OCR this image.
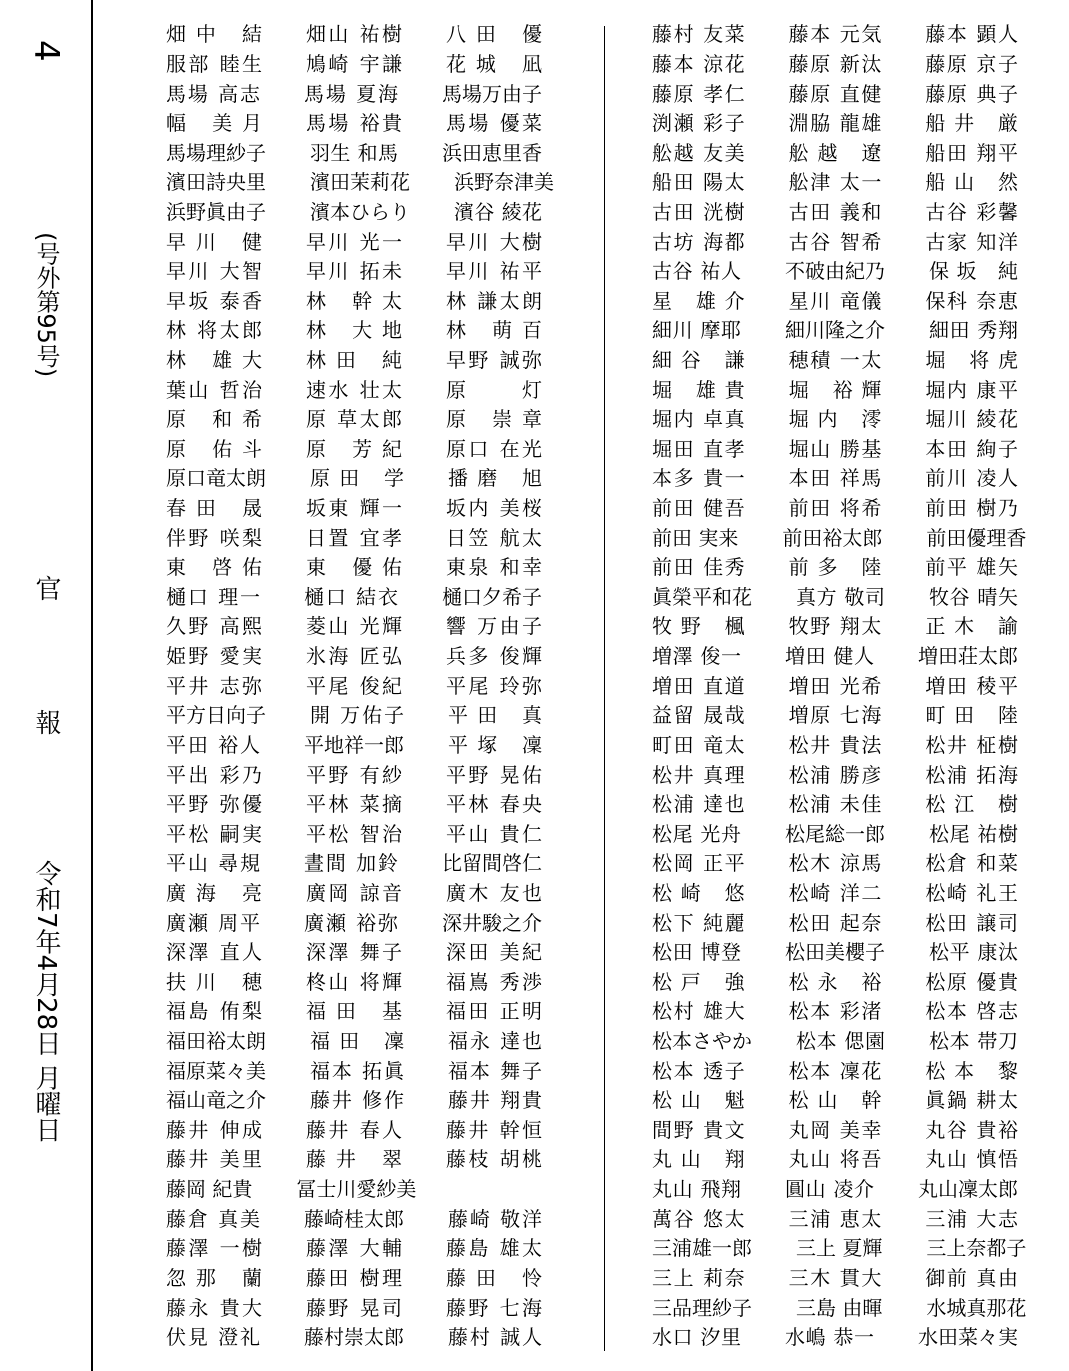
4
(号外第95号)
官 報
令和7年4月28日 月曜日
畑中 結	畑山 祐樹	八田 優
服部 睦生	鳩崎 宇謙	花城 凪
馬場 高志	馬場 夏海	馬場万由子
幅 美月	馬場 裕貴	馬場 優菜
馬場理紗子	羽生 和馬	浜田恵里香
濱田詩央里	濱田茉莉花	浜野奈津美
浜野眞由子	濱本ひらり	濱谷 綾花
早川 健	早川 光一	早川 大樹
早川 大智	早川 拓未	早川 祐平
早坂 泰香	林 幹太	林 謙太朗
林 将太郎	林 大地	林 萌百
林 雄大	林田 純	早野 誠弥
葉山 哲治	速水 壮太	原 灯
原 和希	原 草太郎	原 崇章
原 佑斗	原 芳紀	原口 在光
原口竜太朗	原田 学	播磨 旭
春田 晟	坂東 輝一	坂内 美桜
伴野 咲梨	日置 宜孝	日笠 航太
東 啓佑	東 優佑	東泉 和幸
樋口 理一	樋口 結衣	樋口夕希子
久野 高熙	菱山 光輝	響 万由子
姫野 愛実	氷海 匠弘	兵多 俊輝
平井 志弥	平尾 俊紀	平尾 玲弥
平方日向子	開 万佑子	平田 真
平田 裕人	平地祥一郎	平塚 凜
平出 彩乃	平野 有紗	平野 晃佑
平野 弥優	平林 菜摘	平林 春央
平松 嗣実	平松 智治	平山 貴仁
平山 尋規	晝間 加鈴	比留間啓仁
廣海 亮	廣岡 諒音	廣木 友也
廣瀬 周平	廣瀬 裕弥	深井駿之介
深澤 直人	深澤 舞子	深田 美紀
扶川 穂	柊山 将輝	福嶌 秀渉
福島 侑梨	福田 基	福田 正明
福田裕太朗	福田 凜	福永 達也
福原菜々美	福本 拓眞	福本 舞子
福山竜之介	藤井 修作	藤井 翔貴
藤井 伸成	藤井 春人	藤井 幹恒
藤井 美里	藤井 翠	藤枝 胡桃
藤岡 紀貴	冨士川愛紗美
藤倉 真美	藤崎桂太郎	藤崎 敬洋
藤澤 一樹	藤澤 大輔	藤島 雄太
忽那 蘭	藤田 樹理	藤田 怜
藤永 貴大	藤野 晃司	藤野 七海
伏見 澄礼	藤村崇太郎	藤村 誠人
藤村 友菜	藤本 元気	藤本 顕人
藤本 涼花	藤原 新汰	藤原 京子
藤原 孝仁	藤原 直健	藤原 典子
渕瀬 彩子	淵脇 龍雄	船井 厳
舩越 友美	舩越 遼	船田 翔平
船田 陽太	舩津 太一	船山 然
古田 洸樹	古田 義和	古谷 彩馨
古坊 海都	古谷 智希	古家 知洋
古谷 祐人	不破由紀乃	保坂 純
星 雄介	星川 竜儀	保科 奈恵
細川 摩耶	細川隆之介	細田 秀翔
細谷 謙	穂積 一太	堀 将虎
堀 雄貴	堀 裕輝	堀内 康平
堀内 卓真	堀内 澪	堀川 綾花
堀田 直孝	堀山 勝基	本田 絢子
本多 貴一	本田 祥馬	前川 凌人
前田 健吾	前田 将希	前田 樹乃
前田 実来	前田裕太郎	前田優理香
前田 佳秀	前多 陸	前平 雄矢
眞榮平和花	真方 敬司	牧谷 晴矢
牧野 楓	牧野 翔太	正木 諭
増澤 俊一	増田 健人	増田荘太郎
増田 直道	増田 光希	増田 稜平
益留 晟哉	増原 七海	町田 陸
町田 竜太	松井 貴法	松井 柾樹
松井 真理	松浦 勝彦	松浦 拓海
松浦 達也	松浦 未佳	松江 樹
松尾 光舟	松尾総一郎	松尾 祐樹
松岡 正平	松木 涼馬	松倉 和菜
松崎 悠	松崎 洋二	松崎 礼王
松下 純麗	松田 起奈	松田 譲司
松田 博登	松田美櫻子	松平 康汰
松戸 強	松永 裕	松原 優貴
松村 雄大	松本 彩渚	松本 啓志
松本さやか	松本 偲園	松本 帯刀
松本 透子	松本 凜花	松本 黎
松山 魁	松山 幹	眞鍋 耕太
間野 貴文	丸岡 美幸	丸谷 貴裕
丸山 翔	丸山 将吾	丸山 慎悟
丸山 飛翔	圓山 凌介	丸山凜太郎
萬谷 悠太	三浦 恵太	三浦 大志
三浦雄一郎	三上 夏輝	三上奈都子
三上 莉奈	三木 貫大	御前 真由
三品理紗子	三島 由暉	水城真那花
水口 汐里	水嶋 恭一	水田菜々実
